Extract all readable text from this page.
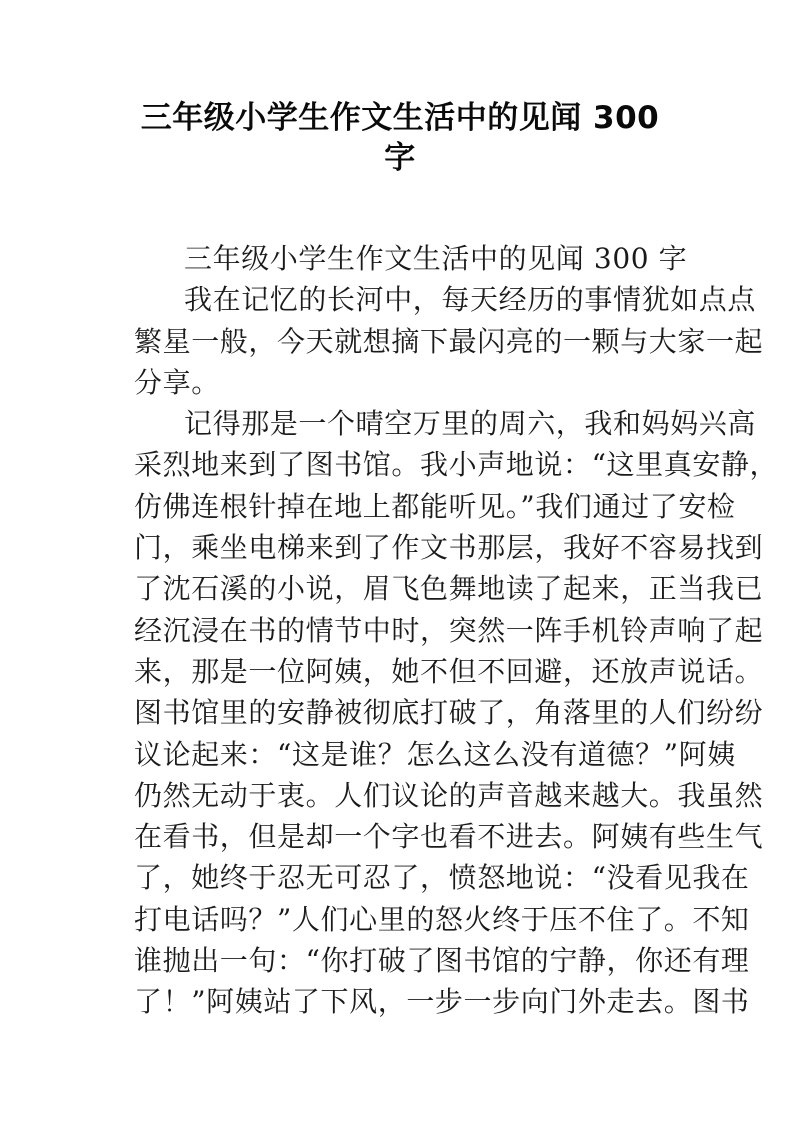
三年级小学生作文生活中的见闻 300
字
三年级小学生作文生活中的见闻 300 字
我在记忆的长河中，每天经历的事情犹如点点
繁星一般，今天就想摘下最闪亮的一颗与大家一起
分享。
记得那是一个晴空万里的周六，我和妈妈兴高
采烈地来到了图书馆。我小声地说：“这里真安静，
仿佛连根针掉在地上都能听见。”我们通过了安检
门，乘坐电梯来到了作文书那层，我好不容易找到
了沈石溪的小说，眉飞色舞地读了起来，正当我已
经沉浸在书的情节中时，突然一阵手机铃声响了起
来，那是一位阿姨，她不但不回避，还放声说话。
图书馆里的安静被彻底打破了，角落里的人们纷纷
议论起来：“这是谁？怎么这么没有道德？”阿姨
仍然无动于衷。人们议论的声音越来越大。我虽然
在看书，但是却一个字也看不进去。阿姨有些生气
了，她终于忍无可忍了，愤怒地说：“没看见我在
打电话吗？”人们心里的怒火终于压不住了。不知
谁抛出一句：“你打破了图书馆的宁静，你还有理
了！”阿姨站了下风，一步一步向门外走去。图书
